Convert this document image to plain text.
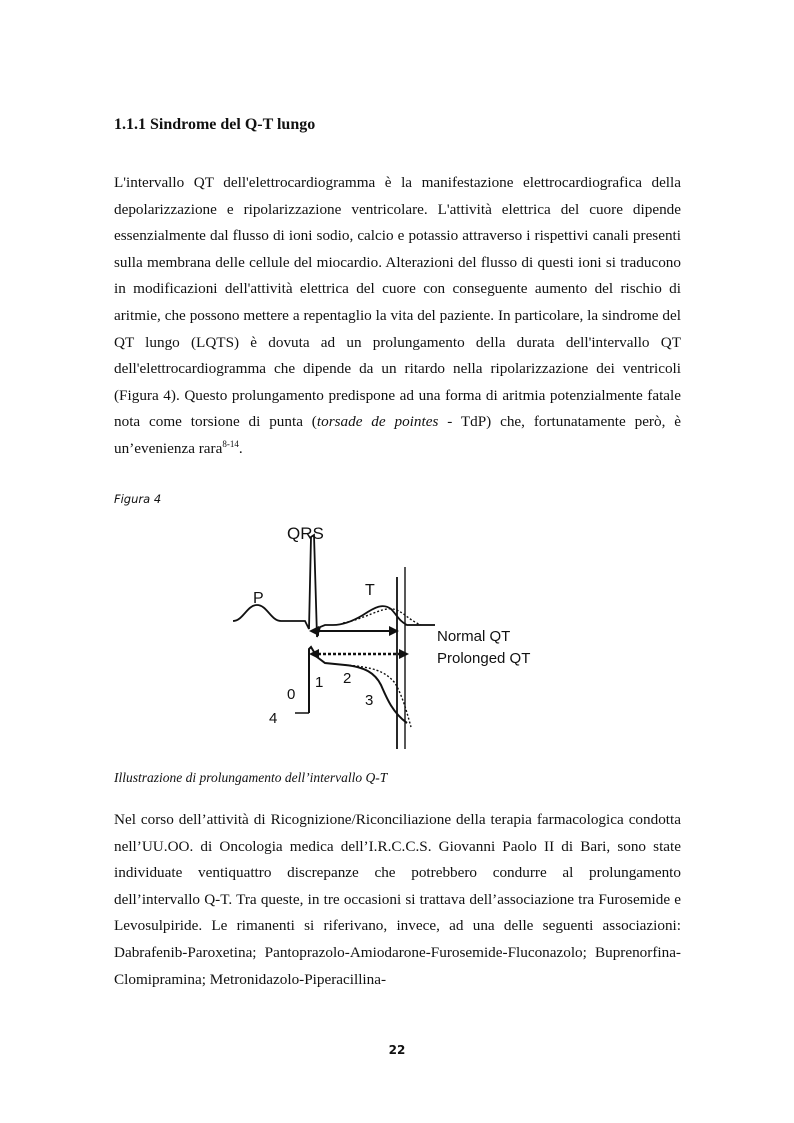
1.1.1 Sindrome del Q-T lungo

L'intervallo QT dell'elettrocardiogramma è la manifestazione elettrocardiografica della depolarizzazione e ripolarizzazione ventricolare. L'attività elettrica del cuore dipende essenzialmente dal flusso di ioni sodio, calcio e potassio attraverso i rispettivi canali presenti sulla membrana delle cellule del miocardio. Alterazioni del flusso di questi ioni si traducono in modificazioni dell'attività elettrica del cuore con conseguente aumento del rischio di aritmie, che possono mettere a repentaglio la vita del paziente. In particolare, la sindrome del QT lungo (LQTS) è dovuta ad un prolungamento della durata dell'intervallo QT dell'elettrocardiogramma che dipende da un ritardo nella ripolarizzazione dei ventricoli (Figura 4). Questo prolungamento predispone ad una forma di aritmia potenzialmente fatale nota come torsione di punta (torsade de pointes - TdP) che, fortunatamente però, è un’evenienza rara$^{8-14}$.

Figura 4

QRS
P	T
Normal QT
Prolonged QT
0
1 2
3
4

Illustrazione di prolungamento dell’intervallo Q-T

Nel corso dell’attività di Ricognizione/Riconciliazione della terapia farmacologica condotta nell’UU.OO. di Oncologia medica dell’I.R.C.C.S. Giovanni Paolo II di Bari, sono state individuate ventiquattro discrepanze che potrebbero condurre al prolungamento dell’intervallo Q-T. Tra queste, in tre occasioni si trattava dell’associazione tra Furosemide e Levosulpiride. Le rimanenti si riferivano, invece, ad una delle seguenti associazioni: Dabrafenib-Paroxetina; Pantoprazolo-Amiodarone-Furosemide-Fluconazolo; Buprenorfina-Clomipramina; Metronidazolo-Piperacillina-

22
